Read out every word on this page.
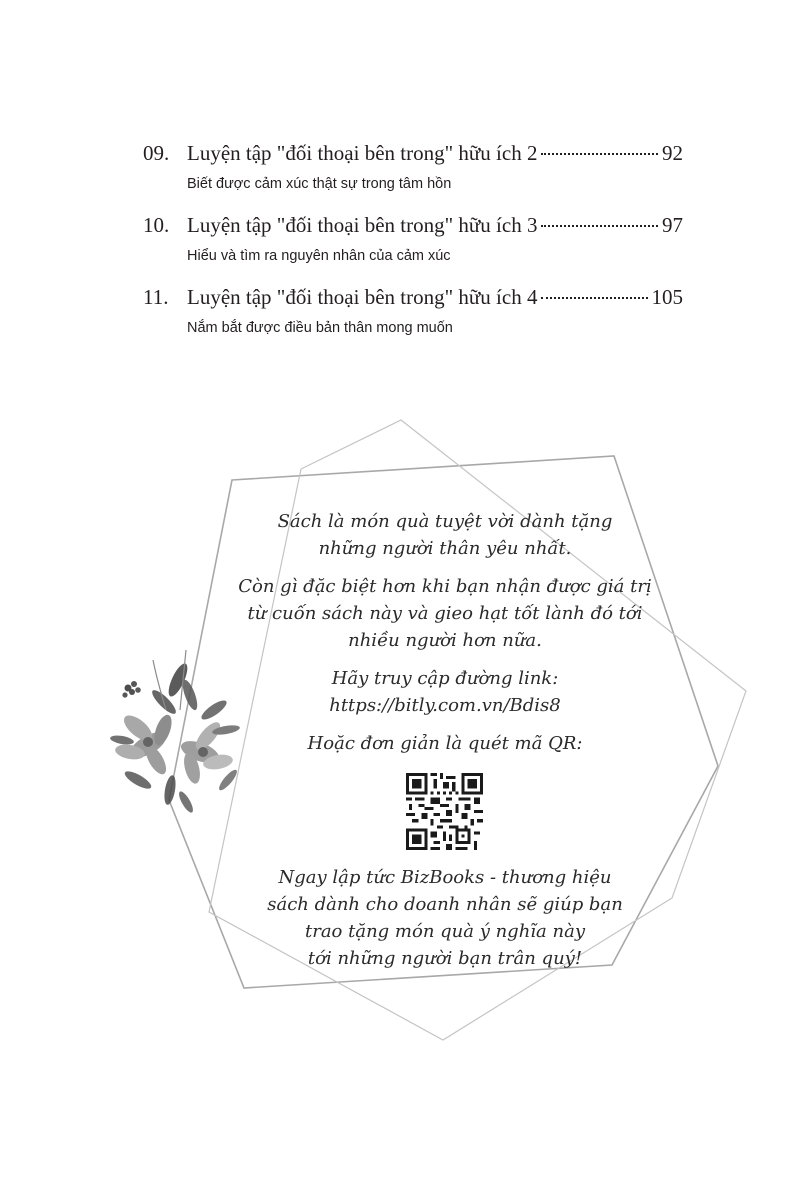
09. Luyện tập "đối thoại bên trong" hữu ích 2	92
Biết được cảm xúc thật sự trong tâm hồn
10. Luyện tập "đối thoại bên trong" hữu ích 3	97
Hiểu và tìm ra nguyên nhân của cảm xúc
11. Luyện tập "đối thoại bên trong" hữu ích 4	105
Nắm bắt được điều bản thân mong muốn

Sách là món quà tuyệt vời dành tặng
những người thân yêu nhất.

Còn gì đặc biệt hơn khi bạn nhận được giá trị
từ cuốn sách này và gieo hạt tốt lành đó tới
nhiều người hơn nữa.

Hãy truy cập đường link:
https://bitly.com.vn/Bdis8

Hoặc đơn giản là quét mã QR:

Ngay lập tức BizBooks - thương hiệu
sách dành cho doanh nhân sẽ giúp bạn
trao tặng món quà ý nghĩa này
tới những người bạn trân quý!
